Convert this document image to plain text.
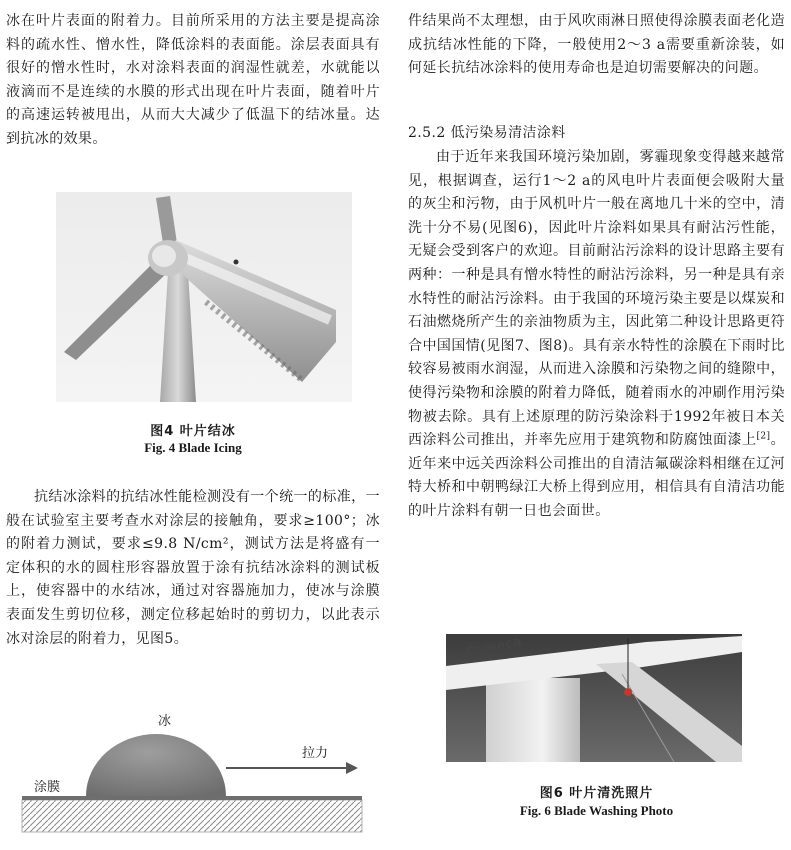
冰在叶片表面的附着力。目前所采用的方法主要是提高涂料的疏水性、憎水性，降低涂料的表面能。涂层表面具有很好的憎水性时，水对涂料表面的润湿性就差，水就能以液滴而不是连续的水膜的形式出现在叶片表面，随着叶片的高速运转被甩出，从而大大减少了低温下的结冰量。达到抗冰的效果。

图4 叶片结冰

Fig. 4 Blade Icing

抗结冰涂料的抗结冰性能检测没有一个统一的标准，一般在试验室主要考查水对涂层的接触角，要求≥100°；冰的附着力测试，要求≤9.8 N/cm²，测试方法是将盛有一定体积的水的圆柱形容器放置于涂有抗结冰涂料的测试板上，使容器中的水结冰，通过对容器施加力，使冰与涂膜表面发生剪切位移，测定位移起始时的剪切力，以此表示冰对涂层的附着力，见图5。

冰
拉力
涂膜

件结果尚不太理想，由于风吹雨淋日照使得涂膜表面老化造成抗结冰性能的下降，一般使用2～3 a需要重新涂装，如何延长抗结冰涂料的使用寿命也是迫切需要解决的问题。

2.5.2 低污染易清洁涂料

由于近年来我国环境污染加剧，雾霾现象变得越来越常见，根据调查，运行1～2 a的风电叶片表面便会吸附大量的灰尘和污物，由于风机叶片一般在离地几十米的空中，清洗十分不易(见图6)，因此叶片涂料如果具有耐沾污性能，无疑会受到客户的欢迎。目前耐沾污涂料的设计思路主要有两种：一种是具有憎水特性的耐沾污涂料，另一种是具有亲水特性的耐沾污涂料。由于我国的环境污染主要是以煤炭和石油燃烧所产生的亲油物质为主，因此第二种设计思路更符合中国国情(见图7、图8)。具有亲水特性的涂膜在下雨时比较容易被雨水润湿，从而进入涂膜和污染物之间的缝隙中，使得污染物和涂膜的附着力降低，随着雨水的冲刷作用污染物被去除。具有上述原理的防污染涂料于1992年被日本关西涂料公司推出，并率先应用于建筑物和防腐蚀面漆上[2]。近年来中远关西涂料公司推出的自清洁氟碳涂料相继在辽河特大桥和中朝鸭绿江大桥上得到应用，相信具有自清洁功能的叶片涂料有朝一日也会面世。

Cameca

图6 叶片清洗照片

Fig. 6 Blade Washing Photo
